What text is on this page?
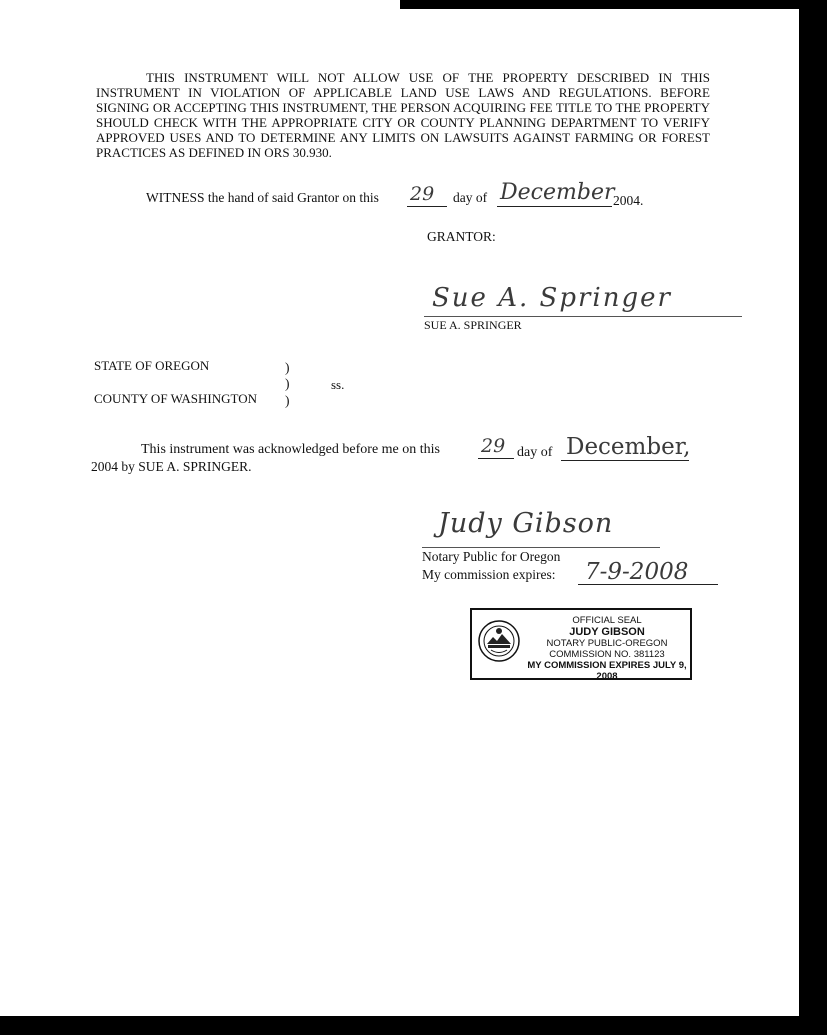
THIS INSTRUMENT WILL NOT ALLOW USE OF THE PROPERTY DESCRIBED IN THIS INSTRUMENT IN VIOLATION OF APPLICABLE LAND USE LAWS AND REGULATIONS. BEFORE SIGNING OR ACCEPTING THIS INSTRUMENT, THE PERSON ACQUIRING FEE TITLE TO THE PROPERTY SHOULD CHECK WITH THE APPROPRIATE CITY OR COUNTY PLANNING DEPARTMENT TO VERIFY APPROVED USES AND TO DETERMINE ANY LIMITS ON LAWSUITS AGAINST FARMING OR FOREST PRACTICES AS DEFINED IN ORS 30.930.

WITNESS the hand of said Grantor on this 29 day of December
2004.
GRANTOR:
Sue A. Springer
SUE A. SPRINGER
STATE OF OREGON	)
)	ss.
COUNTY OF WASHINGTON )
This instrument was acknowledged before me on this 29 day of December,
2004 by SUE A. SPRINGER.
Judy Gibson
Notary Public for Oregon
My commission expires: 7-9-2008
OFFICIAL SEAL
JUDY GIBSON
NOTARY PUBLIC-OREGON
COMMISSION NO. 381123
MY COMMISSION EXPIRES JULY 9, 2008
